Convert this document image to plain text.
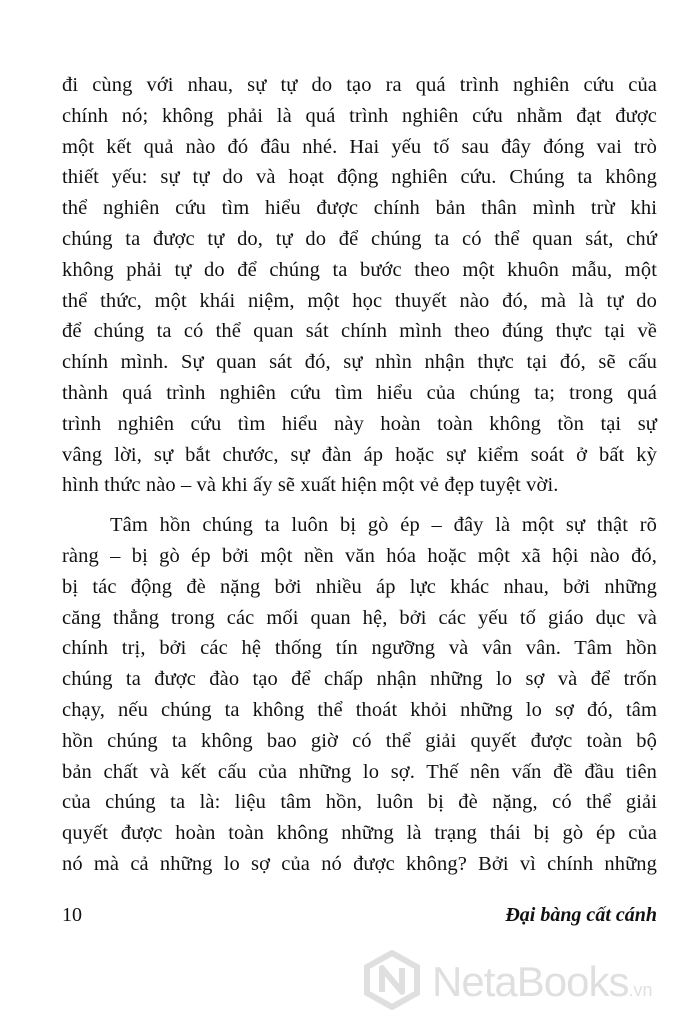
đi cùng với nhau, sự tự do tạo ra quá trình nghiên cứu của
chính nó; không phải là quá trình nghiên cứu nhằm đạt được
một kết quả nào đó đâu nhé. Hai yếu tố sau đây đóng vai trò
thiết yếu: sự tự do và hoạt động nghiên cứu. Chúng ta không
thể nghiên cứu tìm hiểu được chính bản thân mình trừ khi
chúng ta được tự do, tự do để chúng ta có thể quan sát, chứ
không phải tự do để chúng ta bước theo một khuôn mẫu, một
thể thức, một khái niệm, một học thuyết nào đó, mà là tự do
để chúng ta có thể quan sát chính mình theo đúng thực tại về
chính mình. Sự quan sát đó, sự nhìn nhận thực tại đó, sẽ cấu
thành quá trình nghiên cứu tìm hiểu của chúng ta; trong quá
trình nghiên cứu tìm hiểu này hoàn toàn không tồn tại sự
vâng lời, sự bắt chước, sự đàn áp hoặc sự kiểm soát ở bất kỳ
hình thức nào – và khi ấy sẽ xuất hiện một vẻ đẹp tuyệt vời.
Tâm hồn chúng ta luôn bị gò ép – đây là một sự thật rõ
ràng – bị gò ép bởi một nền văn hóa hoặc một xã hội nào đó,
bị tác động đè nặng bởi nhiều áp lực khác nhau, bởi những
căng thẳng trong các mối quan hệ, bởi các yếu tố giáo dục và
chính trị, bởi các hệ thống tín ngưỡng và vân vân. Tâm hồn
chúng ta được đào tạo để chấp nhận những lo sợ và để trốn
chạy, nếu chúng ta không thể thoát khỏi những lo sợ đó, tâm
hồn chúng ta không bao giờ có thể giải quyết được toàn bộ
bản chất và kết cấu của những lo sợ. Thế nên vấn đề đầu tiên
của chúng ta là: liệu tâm hồn, luôn bị đè nặng, có thể giải
quyết được hoàn toàn không những là trạng thái bị gò ép của
nó mà cả những lo sợ của nó được không? Bởi vì chính những
10	Đại bàng cất cánh
NetaBooks.vn
